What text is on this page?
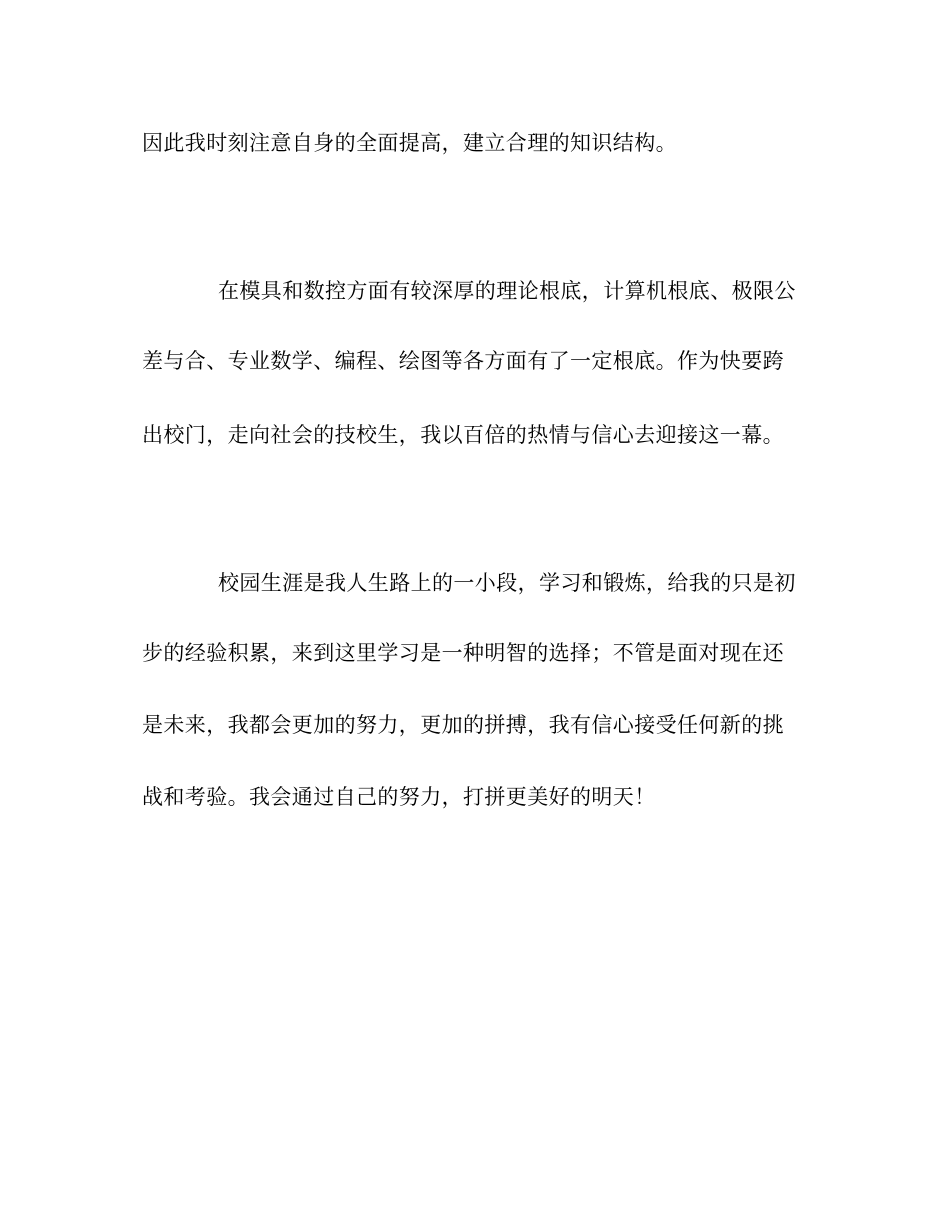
因此我时刻注意自身的全面提高，建立合理的知识结构。
在模具和数控方面有较深厚的理论根底，计算机根底、极限公
差与合、专业数学、编程、绘图等各方面有了一定根底。作为快要跨
出校门，走向社会的技校生，我以百倍的热情与信心去迎接这一幕。
校园生涯是我人生路上的一小段，学习和锻炼，给我的只是初
步的经验积累，来到这里学习是一种明智的选择；不管是面对现在还
是未来，我都会更加的努力，更加的拼搏，我有信心接受任何新的挑
战和考验。我会通过自己的努力，打拼更美好的明天！
